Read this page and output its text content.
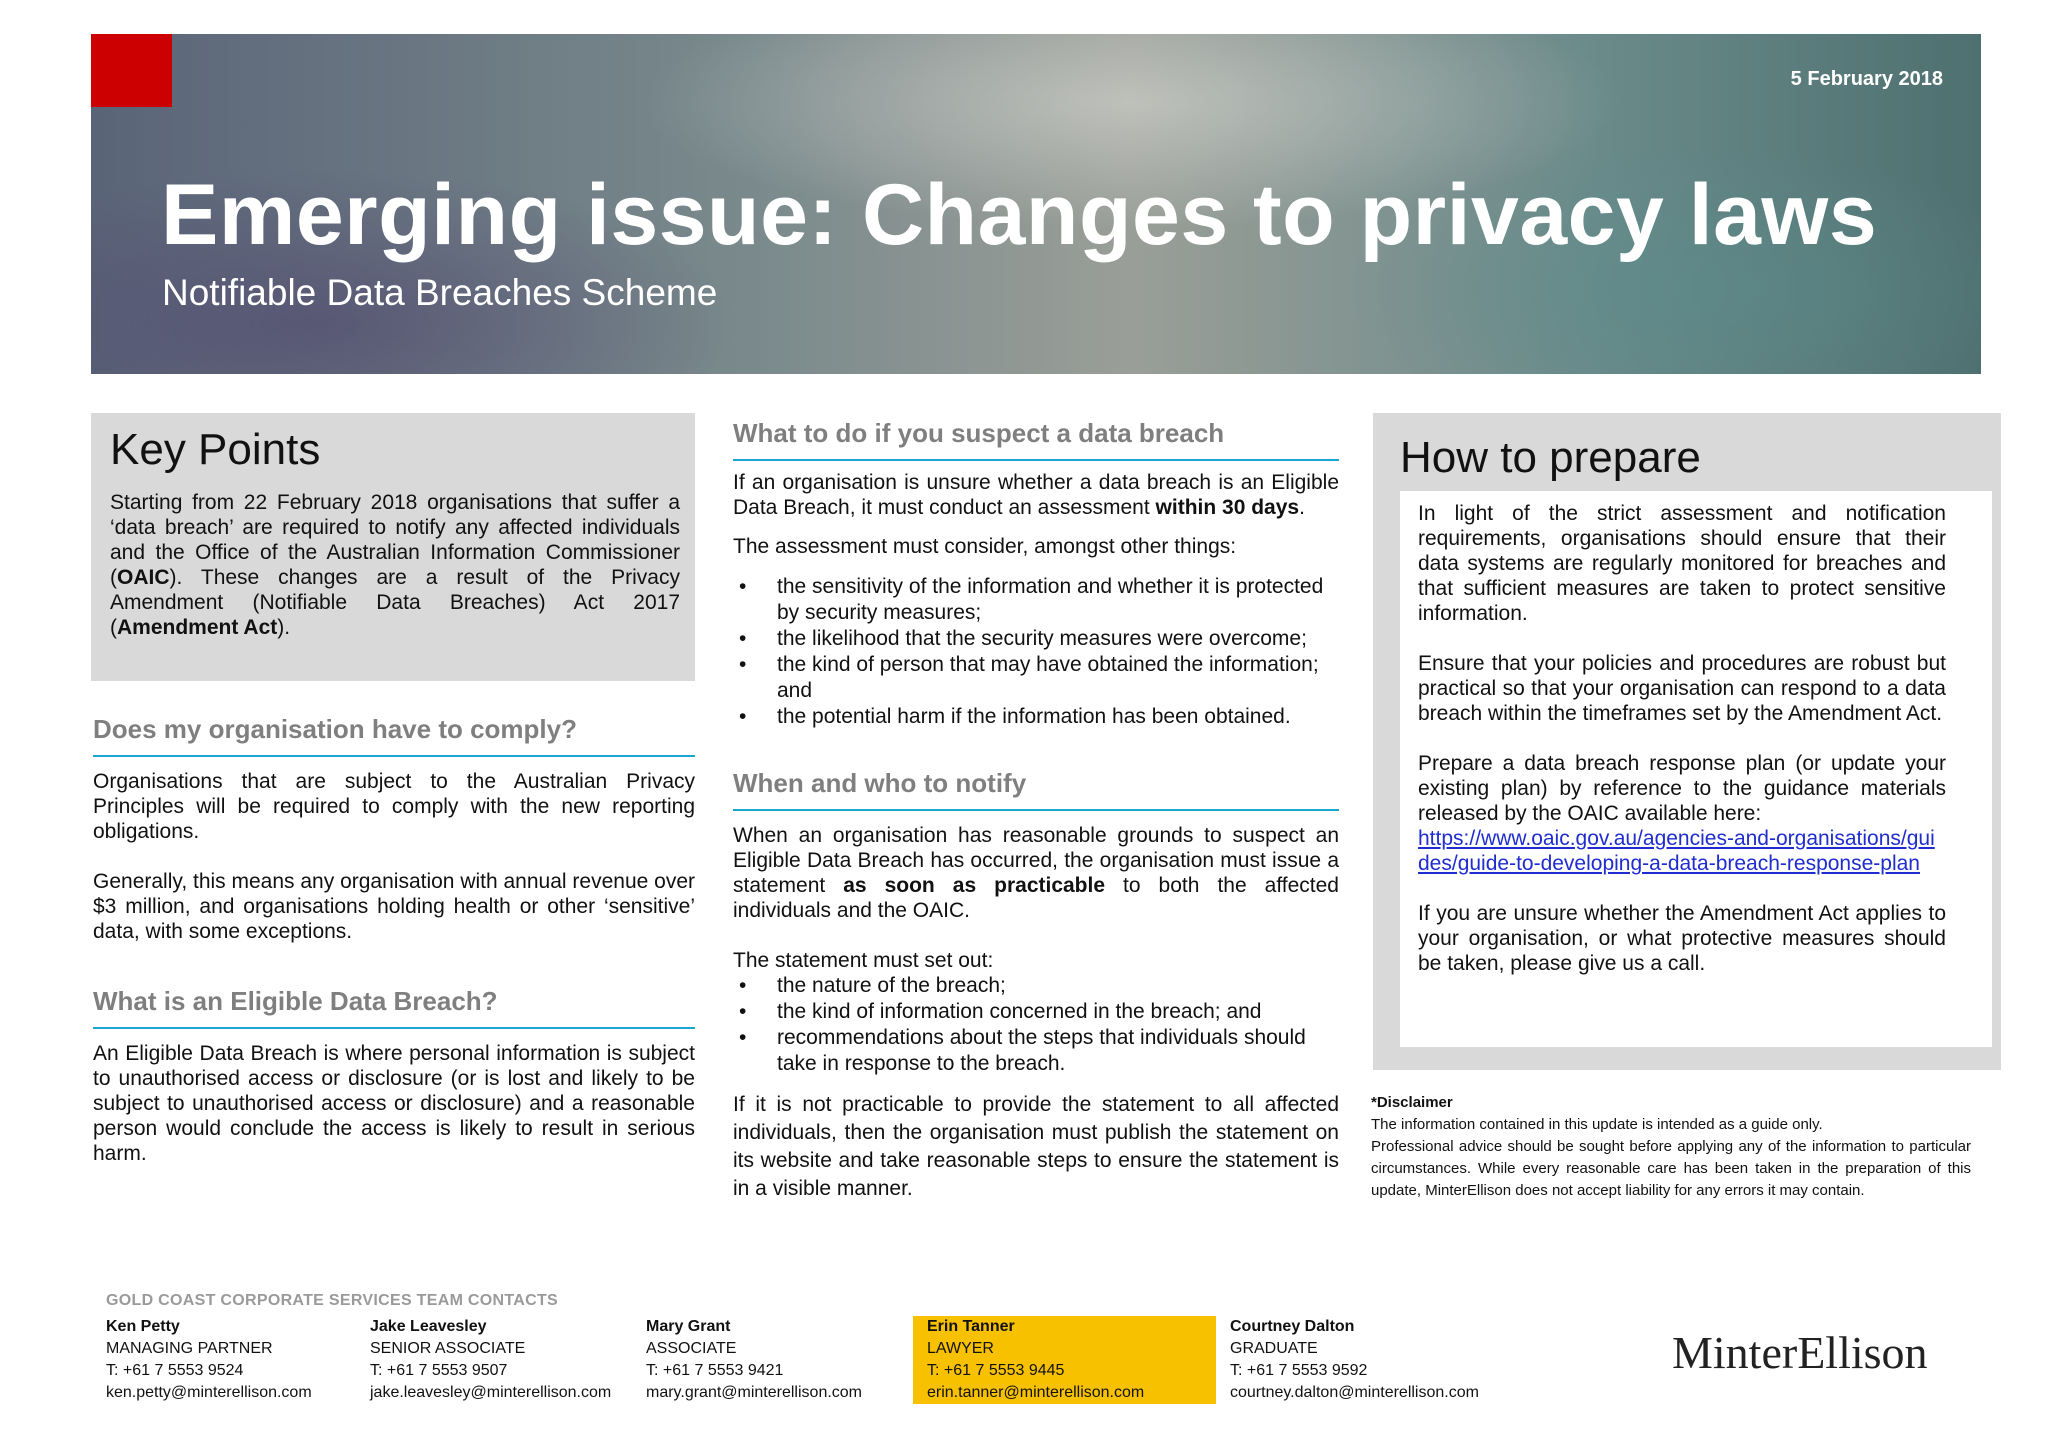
5 February 2018
Emerging issue: Changes to privacy laws
Notifiable Data Breaches Scheme
Key Points
Starting from 22 February 2018 organisations that suffer a ‘data breach’ are required to notify any affected individuals and the Office of the Australian Information Commissioner (OAIC). These changes are a result of the Privacy Amendment (Notifiable Data Breaches) Act 2017 (Amendment Act).
Does my organisation have to comply?
Organisations that are subject to the Australian Privacy Principles will be required to comply with the new reporting obligations.
Generally, this means any organisation with annual revenue over $3 million, and organisations holding health or other ‘sensitive’ data, with some exceptions.
What is an Eligible Data Breach?
An Eligible Data Breach is where personal information is subject to unauthorised access or disclosure (or is lost and likely to be subject to unauthorised access or disclosure) and a reasonable person would conclude the access is likely to result in serious harm.
What to do if you suspect a data breach
If an organisation is unsure whether a data breach is an Eligible Data Breach, it must conduct an assessment within 30 days.
The assessment must consider, amongst other things:
• the sensitivity of the information and whether it is protected by security measures;
• the likelihood that the security measures were overcome;
• the kind of person that may have obtained the information; and
• the potential harm if the information has been obtained.
When and who to notify
When an organisation has reasonable grounds to suspect an Eligible Data Breach has occurred, the organisation must issue a statement as soon as practicable to both the affected individuals and the OAIC.
The statement must set out:
• the nature of the breach;
• the kind of information concerned in the breach; and
• recommendations about the steps that individuals should take in response to the breach.
If it is not practicable to provide the statement to all affected individuals, then the organisation must publish the statement on its website and take reasonable steps to ensure the statement is in a visible manner.
How to prepare

In light of the strict assessment and notification requirements, organisations should ensure that their data systems are regularly monitored for breaches and that sufficient measures are taken to protect sensitive information.

Ensure that your policies and procedures are robust but practical so that your organisation can respond to a data breach within the timeframes set by the Amendment Act.

Prepare a data breach response plan (or update your existing plan) by reference to the guidance materials released by the OAIC available here:
https://www.oaic.gov.au/agencies-and-organisations/guides/guide-to-developing-a-data-breach-response-plan

If you are unsure whether the Amendment Act applies to your organisation, or what protective measures should be taken, please give us a call.

*Disclaimer
The information contained in this update is intended as a guide only.
Professional advice should be sought before applying any of the information to particular circumstances. While every reasonable care has been taken in the preparation of this update, MinterEllison does not accept liability for any errors it may contain.
GOLD COAST CORPORATE SERVICES TEAM CONTACTS
Ken Petty
MANAGING PARTNER
T: +61 7 5553 9524
ken.petty@minterellison.com
Jake Leavesley
SENIOR ASSOCIATE
T: +61 7 5553 9507
jake.leavesley@minterellison.com
Mary Grant
ASSOCIATE
T: +61 7 5553 9421
mary.grant@minterellison.com
Erin Tanner
LAWYER
T: +61 7 5553 9445
erin.tanner@minterellison.com
Courtney Dalton
GRADUATE
T: +61 7 5553 9592
courtney.dalton@minterellison.com
MinterEllison
